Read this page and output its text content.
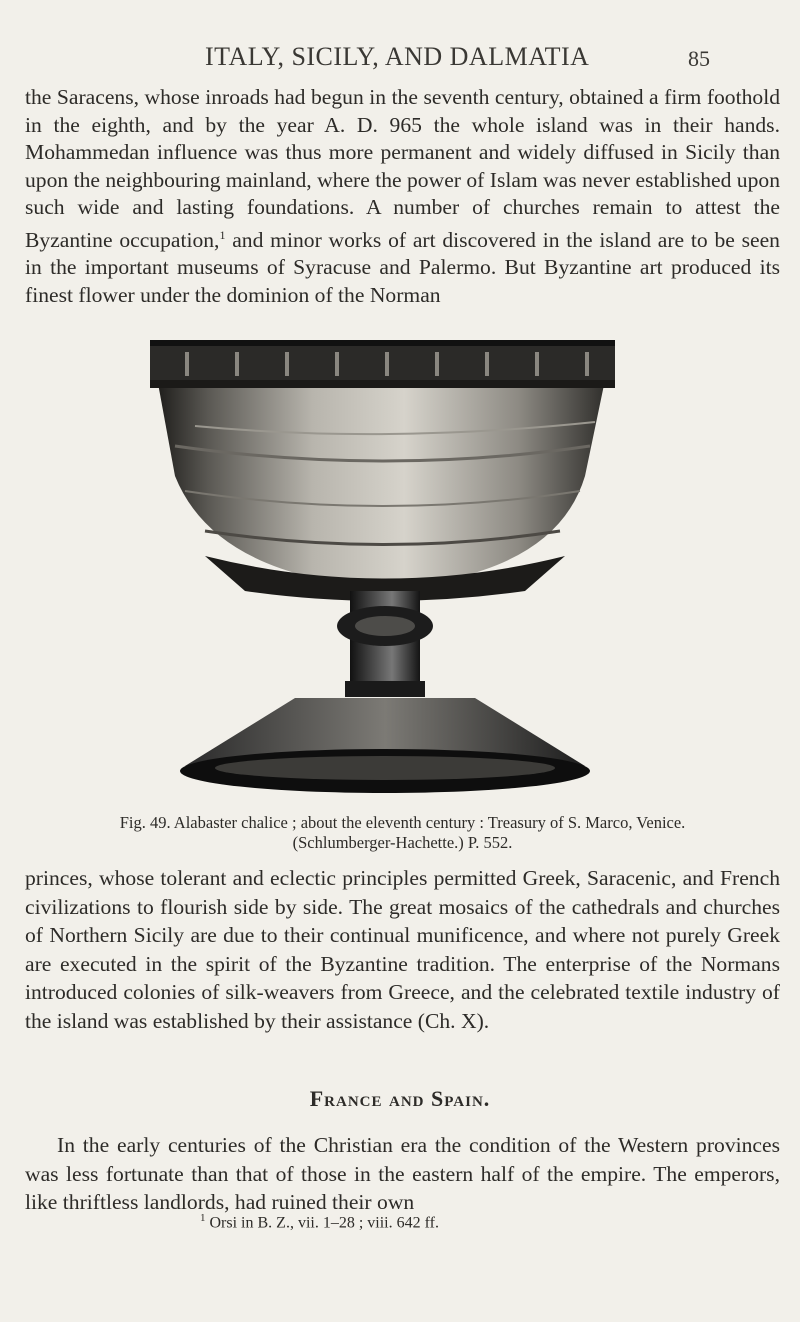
ITALY, SICILY, AND DALMATIA	85

the Saracens, whose inroads had begun in the seventh century, obtained a firm foothold in the eighth, and by the year A. D. 965 the whole island was in their hands. Mohammedan influence was thus more permanent and widely diffused in Sicily than upon the neighbouring mainland, where the power of Islam was never established upon such wide and lasting foundations. A number of churches remain to attest the Byzantine occupation,$^1$ and minor works of art discovered in the island are to be seen in the important museums of Syracuse and Palermo. But Byzantine art produced its finest flower under the dominion of the Norman

Fig. 49. Alabaster chalice ; about the eleventh century : Treasury of S. Marco, Venice.
(Schlumberger-Hachette.) P. 552.

princes, whose tolerant and eclectic principles permitted Greek, Saracenic, and French civilizations to flourish side by side. The great mosaics of the cathedrals and churches of Northern Sicily are due to their continual munificence, and where not purely Greek are executed in the spirit of the Byzantine tradition. The enterprise of the Normans introduced colonies of silk-weavers from Greece, and the celebrated textile industry of the island was established by their assistance (Ch. X).

France and Spain.

In the early centuries of the Christian era the condition of the Western provinces was less fortunate than that of those in the eastern half of the empire. The emperors, like thriftless landlords, had ruined their own

$^1$ Orsi in B. Z., vii. 1–28 ; viii. 642 ff.
